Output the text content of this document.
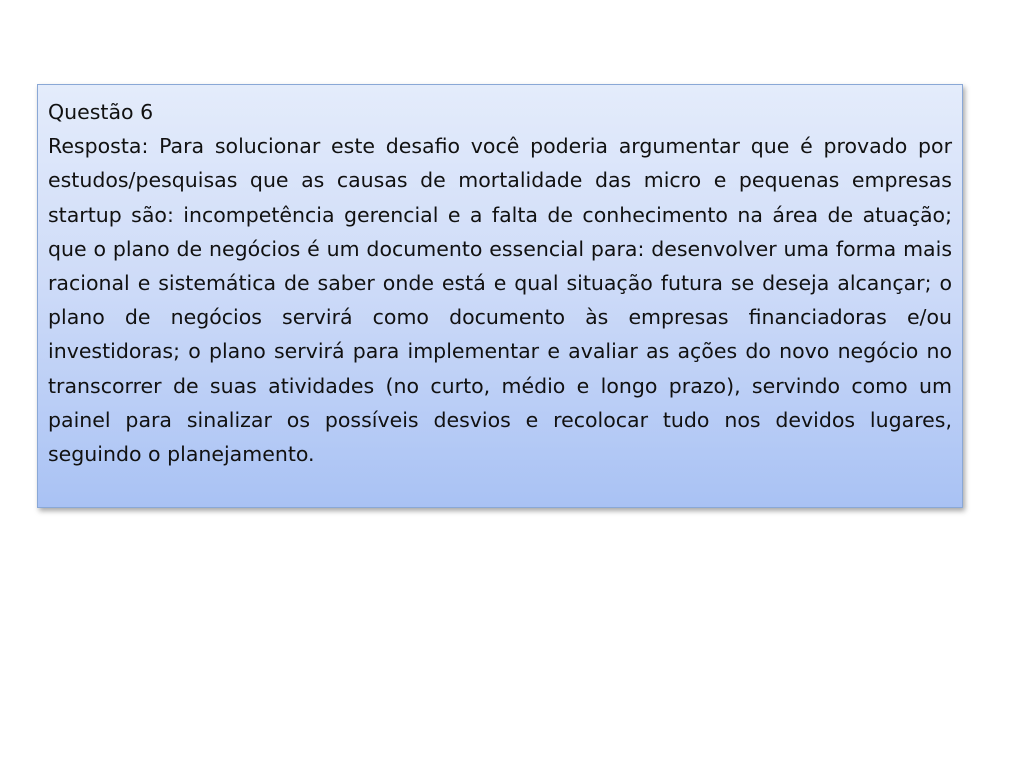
Questão 6
Resposta: Para solucionar este desafio você poderia argumentar que é provado por estudos/pesquisas que as causas de mortalidade das micro e pequenas empresas startup são: incompetência gerencial e a falta de conhecimento na área de atuação; que o plano de negócios é um documento essencial para: desenvolver uma forma mais racional e sistemática de saber onde está e qual situação futura se deseja alcançar; o plano de negócios servirá como documento às empresas financiadoras e/ou investidoras; o plano servirá para implementar e avaliar as ações do novo negócio no transcorrer de suas atividades (no curto, médio e longo prazo), servindo como um painel para sinalizar os possíveis desvios e recolocar tudo nos devidos lugares, seguindo o planejamento.
